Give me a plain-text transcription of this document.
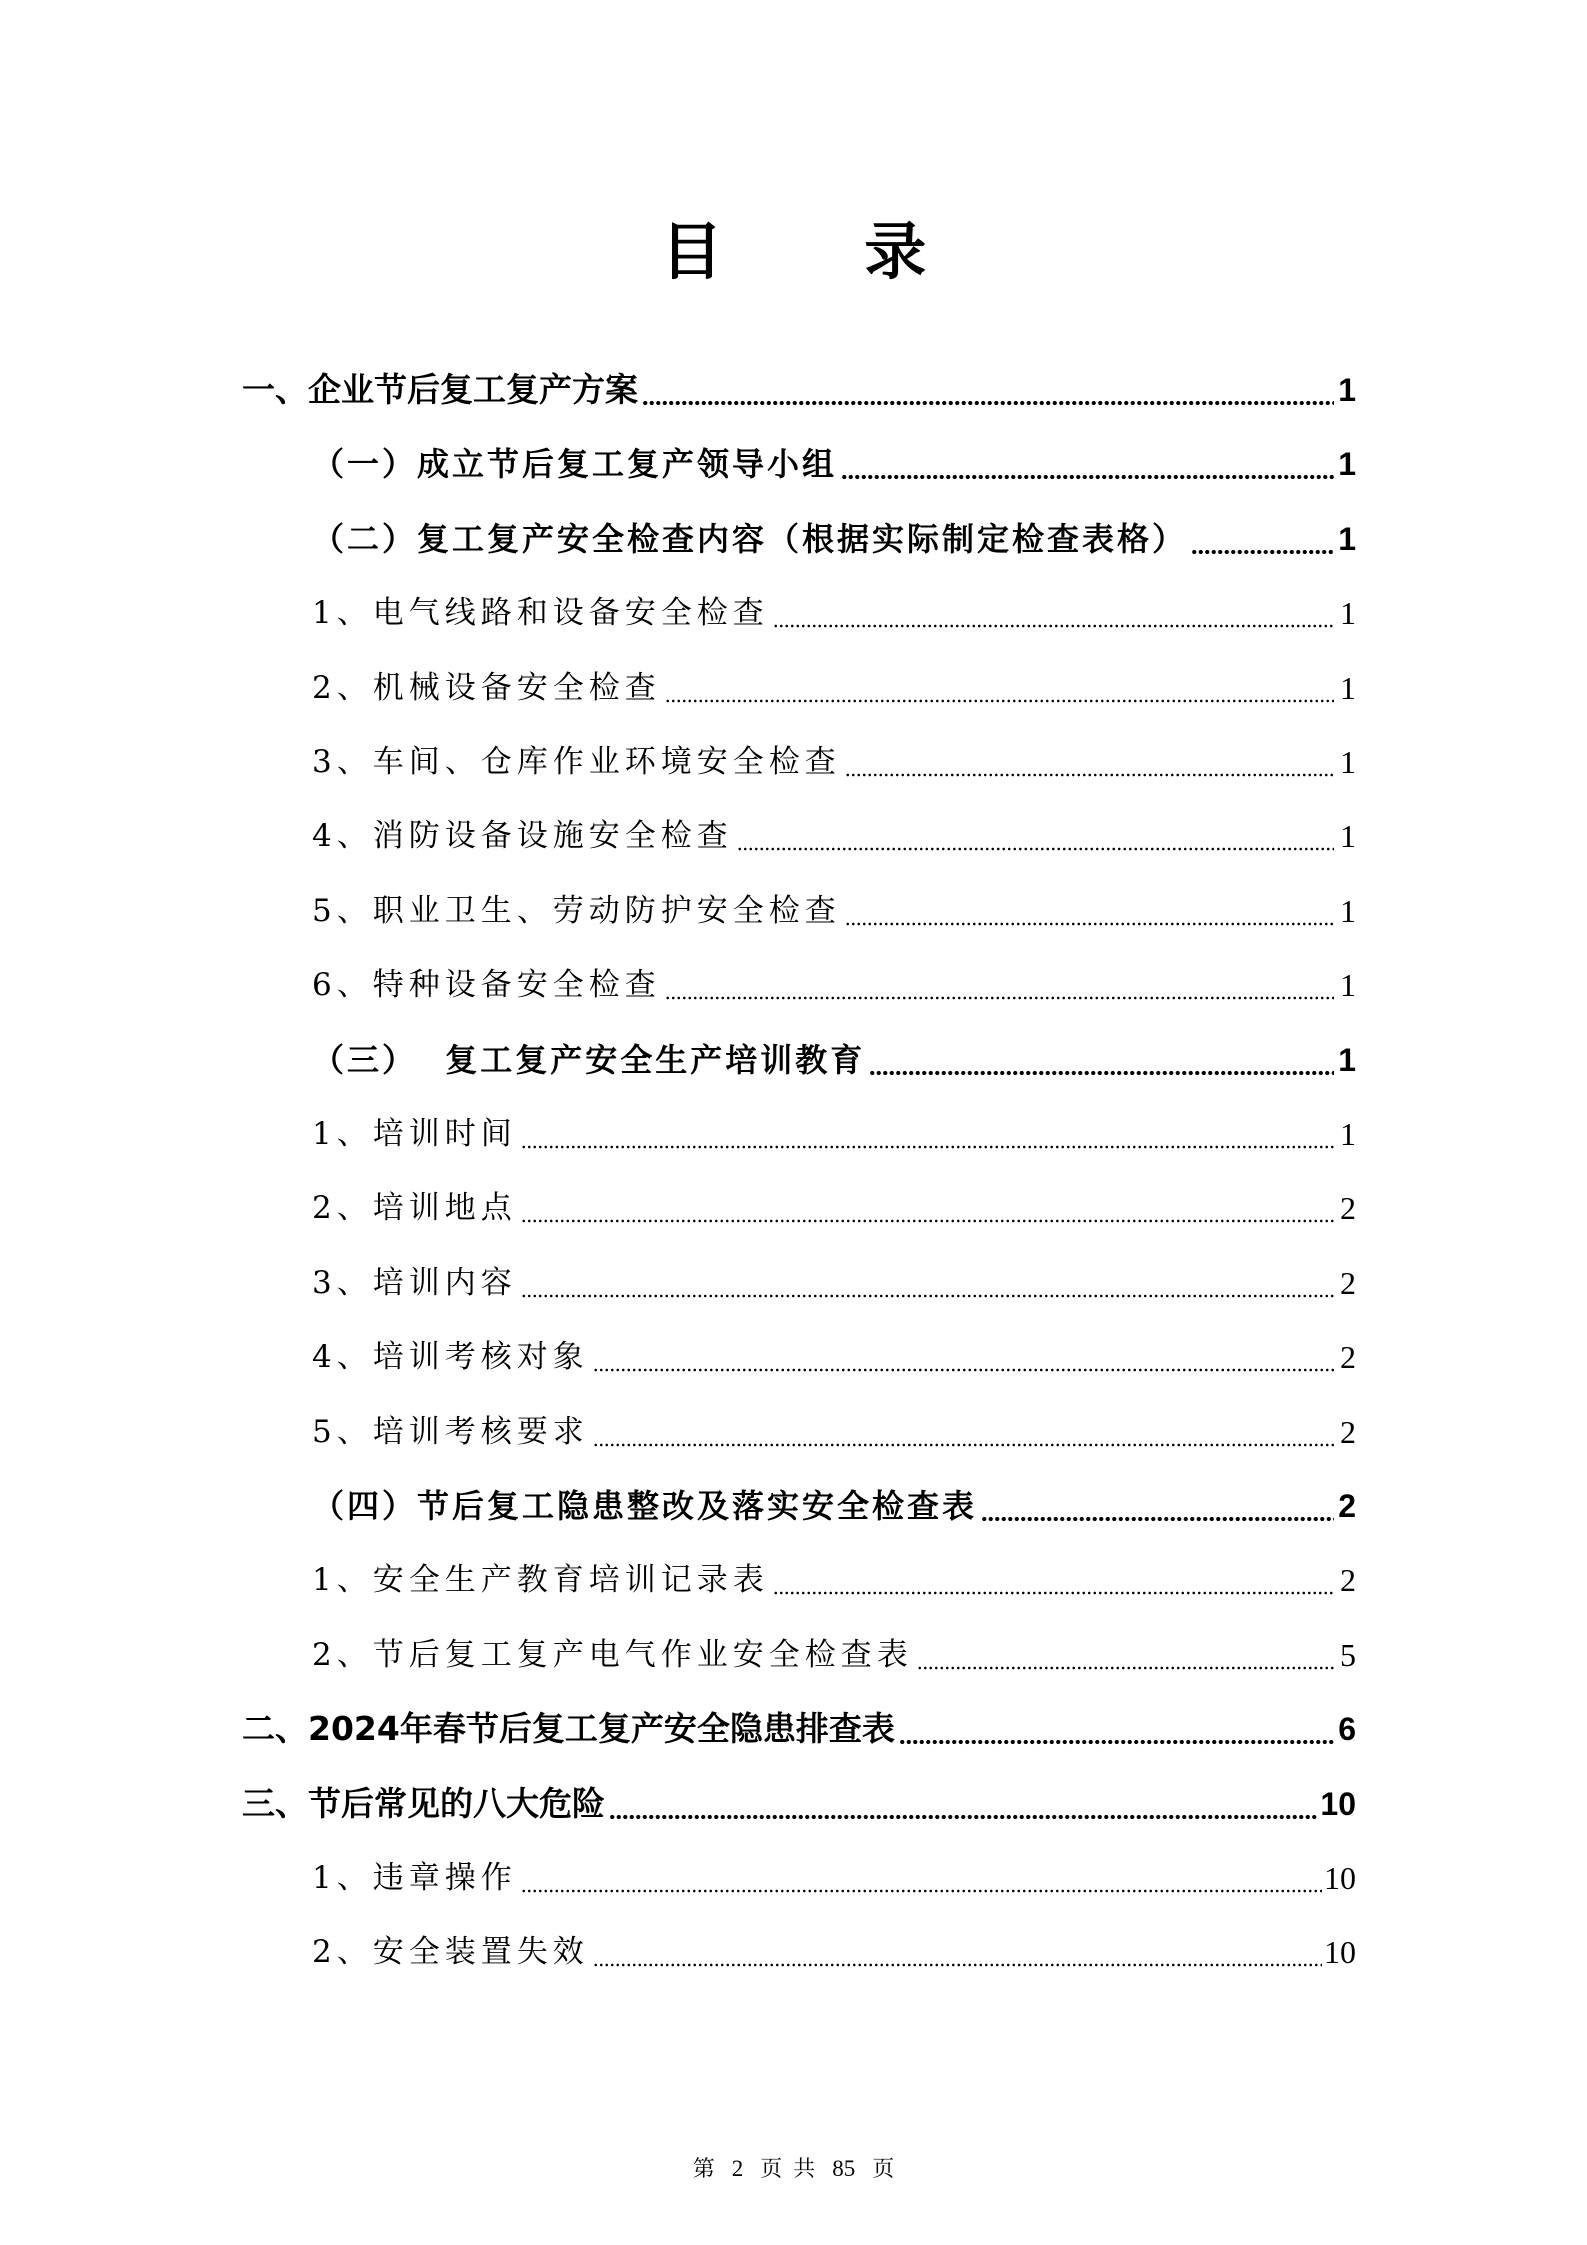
目 录
一、企业节后复工复产方案	1
（一）成立节后复工复产领导小组	1
（二）复工复产安全检查内容（根据实际制定检查表格）	1
1、电气线路和设备安全检查	1
2、机械设备安全检查	1
3、车间、仓库作业环境安全检查	1
4、消防设备设施安全检查	1
5、职业卫生、劳动防护安全检查	1
6、特种设备安全检查	1
（三）  复工复产安全生产培训教育	1
1、培训时间	1
2、培训地点	2
3、培训内容	2
4、培训考核对象	2
5、培训考核要求	2
（四）节后复工隐患整改及落实安全检查表	2
1、安全生产教育培训记录表	2
2、节后复工复产电气作业安全检查表	5
二、2024年春节后复工复产安全隐患排查表	6
三、节后常见的八大危险	10
1、违章操作	10
2、安全装置失效	10
第 2 页 共 85 页
